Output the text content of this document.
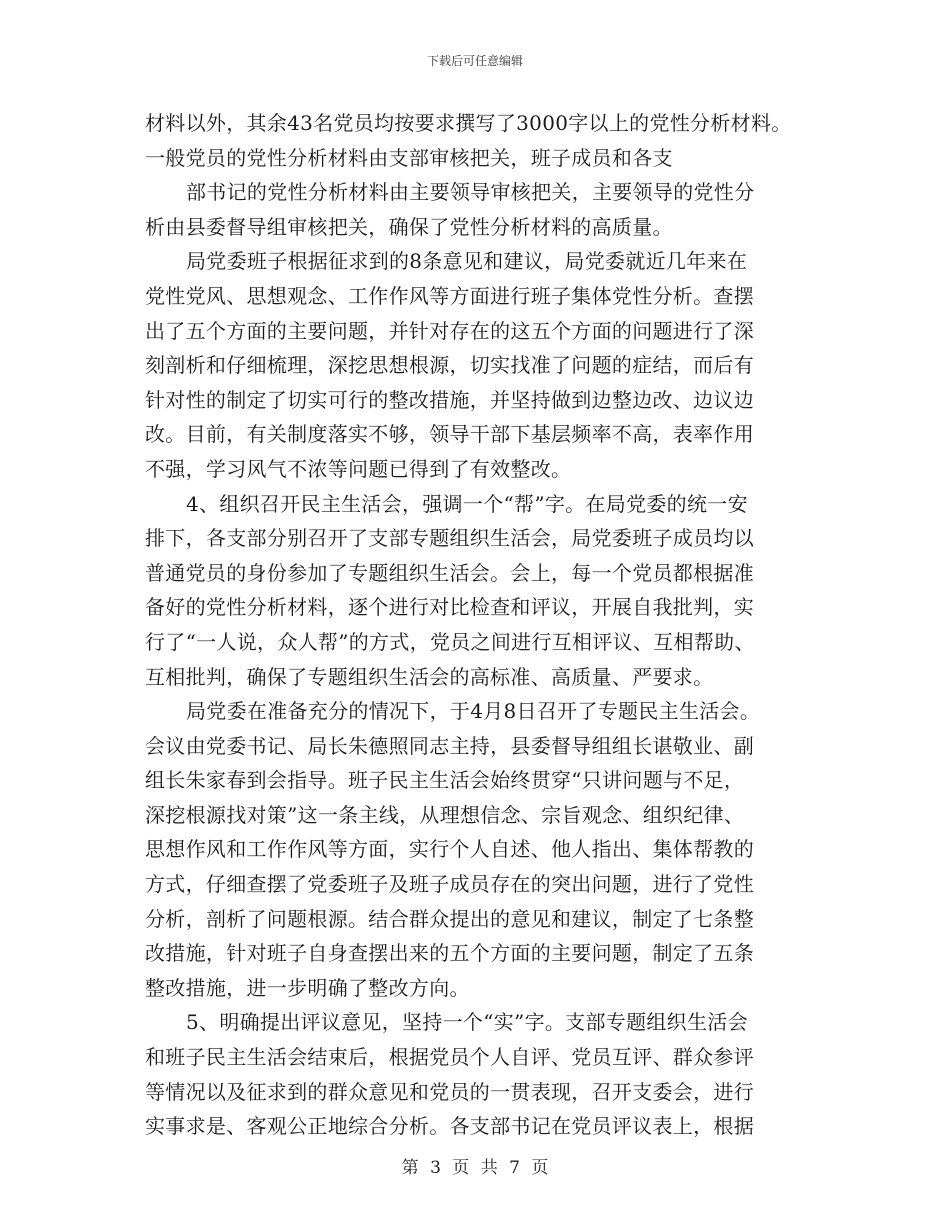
下载后可任意编辑
材料以外，其余43名党员均按要求撰写了3000字以上的党性分析材料。
一般党员的党性分析材料由支部审核把关，班子成员和各支
部书记的党性分析材料由主要领导审核把关，主要领导的党性分
析由县委督导组审核把关，确保了党性分析材料的高质量。
局党委班子根据征求到的8条意见和建议，局党委就近几年来在
党性党风、思想观念、工作作风等方面进行班子集体党性分析。查摆
出了五个方面的主要问题，并针对存在的这五个方面的问题进行了深
刻剖析和仔细梳理，深挖思想根源，切实找准了问题的症结，而后有
针对性的制定了切实可行的整改措施，并坚持做到边整边改、边议边
改。目前，有关制度落实不够，领导干部下基层频率不高，表率作用
不强，学习风气不浓等问题已得到了有效整改。
4、组织召开民主生活会，强调一个“帮”字。在局党委的统一安
排下，各支部分别召开了支部专题组织生活会，局党委班子成员均以
普通党员的身份参加了专题组织生活会。会上，每一个党员都根据准
备好的党性分析材料，逐个进行对比检查和评议，开展自我批判，实
行了“一人说，众人帮”的方式，党员之间进行互相评议、互相帮助、
互相批判，确保了专题组织生活会的高标准、高质量、严要求。
局党委在准备充分的情况下，于4月8日召开了专题民主生活会。
会议由党委书记、局长朱德照同志主持，县委督导组组长谌敬业、副
组长朱家春到会指导。班子民主生活会始终贯穿“只讲问题与不足，
深挖根源找对策”这一条主线，从理想信念、宗旨观念、组织纪律、
思想作风和工作作风等方面，实行个人自述、他人指出、集体帮教的
方式，仔细查摆了党委班子及班子成员存在的突出问题，进行了党性
分析，剖析了问题根源。结合群众提出的意见和建议，制定了七条整
改措施，针对班子自身查摆出来的五个方面的主要问题，制定了五条
整改措施，进一步明确了整改方向。
5、明确提出评议意见，坚持一个“实”字。支部专题组织生活会
和班子民主生活会结束后，根据党员个人自评、党员互评、群众参评
等情况以及征求到的群众意见和党员的一贯表现，召开支委会，进行
实事求是、客观公正地综合分析。各支部书记在党员评议表上，根据
第 3 页 共 7 页
